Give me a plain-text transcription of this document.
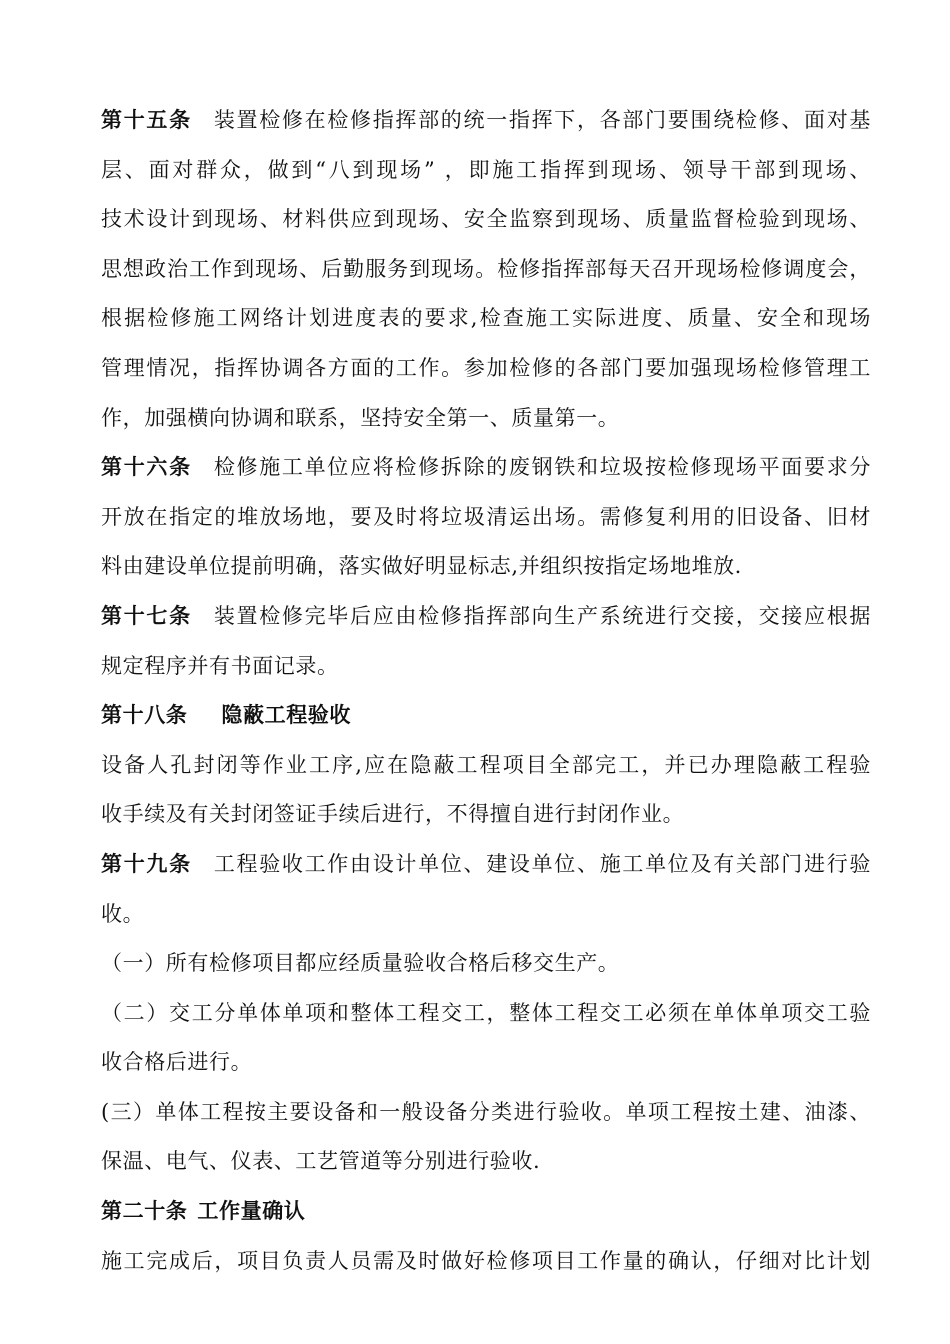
第十五条 装置检修在检修指挥部的统一指挥下，各部门要围绕检修、面对基
层、面对群众，做到“八到现场” ，即施工指挥到现场、领导干部到现场、
技术设计到现场、材料供应到现场、安全监察到现场、质量监督检验到现场、
思想政治工作到现场、后勤服务到现场。检修指挥部每天召开现场检修调度会，
根据检修施工网络计划进度表的要求,检查施工实际进度、质量、安全和现场
管理情况，指挥协调各方面的工作。参加检修的各部门要加强现场检修管理工
作，加强横向协调和联系，坚持安全第一、质量第一。
第十六条 检修施工单位应将检修拆除的废钢铁和垃圾按检修现场平面要求分
开放在指定的堆放场地，要及时将垃圾清运出场。需修复利用的旧设备、旧材
料由建设单位提前明确，落实做好明显标志,并组织按指定场地堆放.
第十七条 装置检修完毕后应由检修指挥部向生产系统进行交接，交接应根据
规定程序并有书面记录。
第十八条 隐蔽工程验收
设备人孔封闭等作业工序,应在隐蔽工程项目全部完工，并已办理隐蔽工程验
收手续及有关封闭签证手续后进行，不得擅自进行封闭作业。
第十九条 工程验收工作由设计单位、建设单位、施工单位及有关部门进行验
收。
（一）所有检修项目都应经质量验收合格后移交生产。
（二）交工分单体单项和整体工程交工，整体工程交工必须在单体单项交工验
收合格后进行。
(三）单体工程按主要设备和一般设备分类进行验收。单项工程按土建、油漆、
保温、电气、仪表、工艺管道等分别进行验收.
第二十条 工作量确认
施工完成后，项目负责人员需及时做好检修项目工作量的确认，仔细对比计划
